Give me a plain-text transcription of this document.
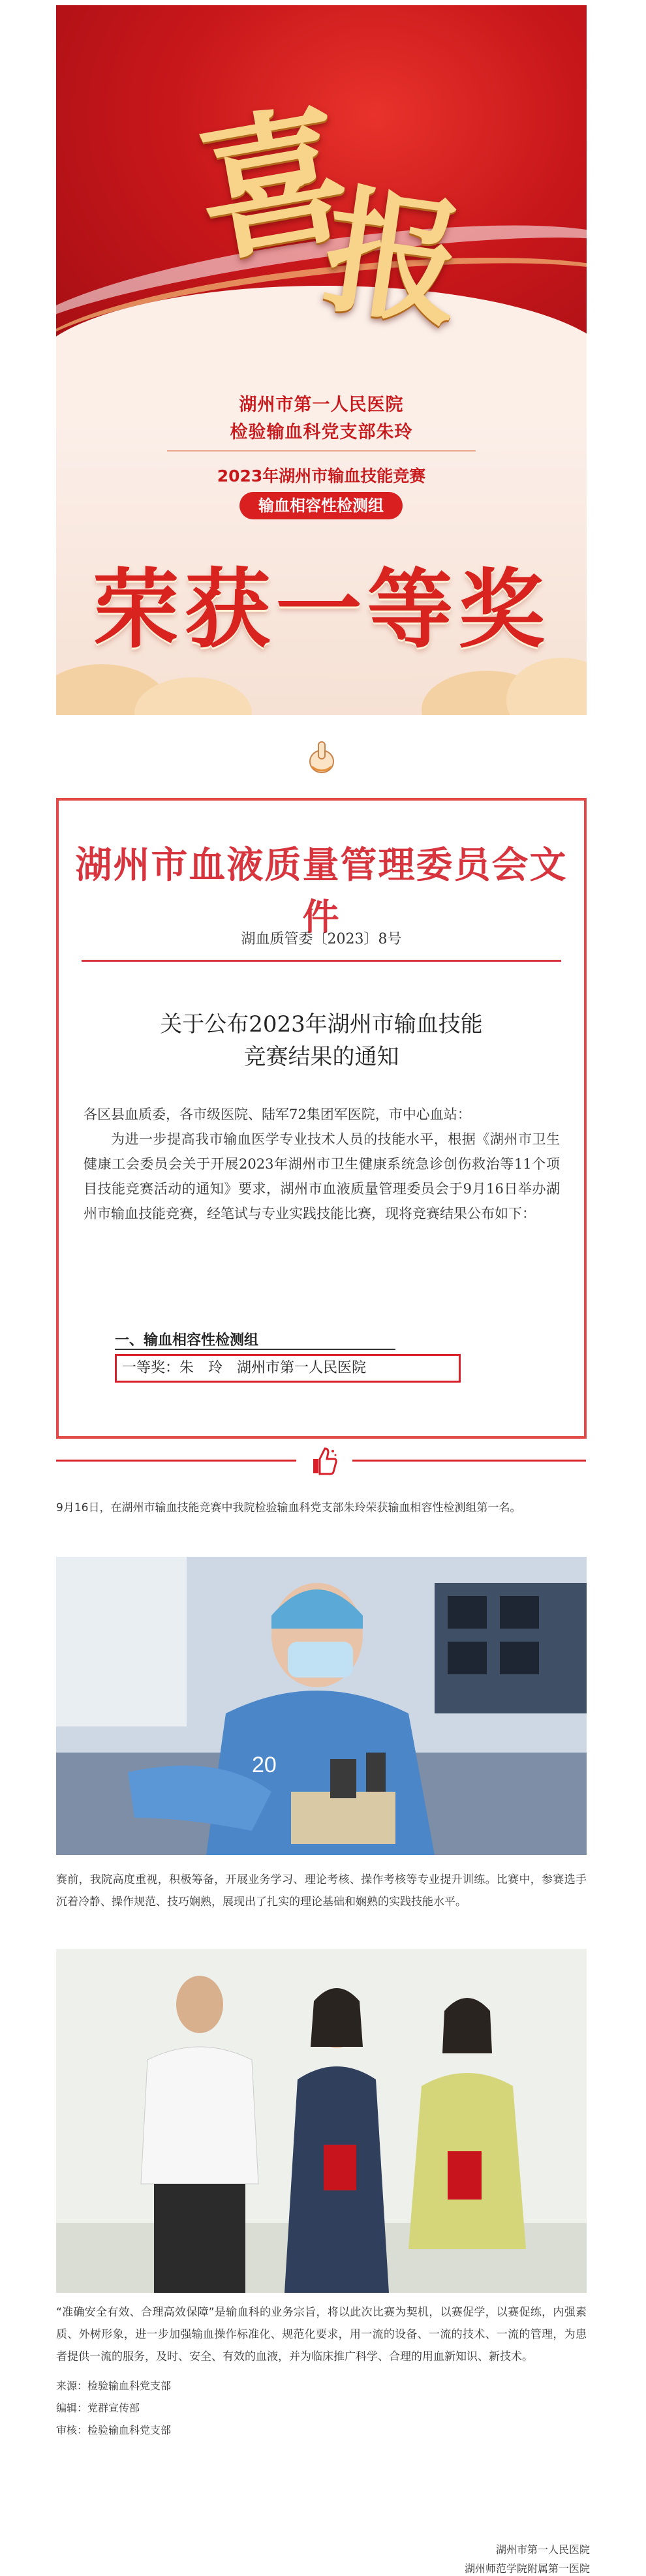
喜
报
湖州市第一人民医院
检验输血科党支部朱玲
2023年湖州市输血技能竞赛
输血相容性检测组
荣获一等奖
湖州市血液质量管理委员会文件
湖血质管委〔2023〕8号
关于公布2023年湖州市输血技能
竞赛结果的通知

各区县血质委，各市级医院、陆军72集团军医院，市中心血站：

为进一步提高我市输血医学专业技术人员的技能水平，根据《湖州市卫生健康工会委员会关于开展2023年湖州市卫生健康系统急诊创伤救治等11个项目技能竞赛活动的通知》要求，湖州市血液质量管理委员会于9月16日举办湖州市输血技能竞赛，经笔试与专业实践技能比赛，现将竞赛结果公布如下：

一、输血相容性检测组
一等奖：朱　玲　湖州市第一人民医院

9月16日，在湖州市输血技能竞赛中我院检验输血科党支部朱玲荣获输血相容性检测组第一名。

20

赛前，我院高度重视，积极筹备，开展业务学习、理论考核、操作考核等专业提升训练。比赛中，参赛选手沉着冷静、操作规范、技巧娴熟，展现出了扎实的理论基础和娴熟的实践技能水平。

“准确安全有效、合理高效保障”是输血科的业务宗旨，将以此次比赛为契机，以赛促学，以赛促练，内强素质、外树形象，进一步加强输血操作标准化、规范化要求，用一流的设备、一流的技术、一流的管理，为患者提供一流的服务，及时、安全、有效的血液，并为临床推广科学、合理的用血新知识、新技术。

来源：检验输血科党支部
编辑：党群宣传部
审核：检验输血科党支部
湖州市第一人民医院
湖州师范学院附属第一医院
